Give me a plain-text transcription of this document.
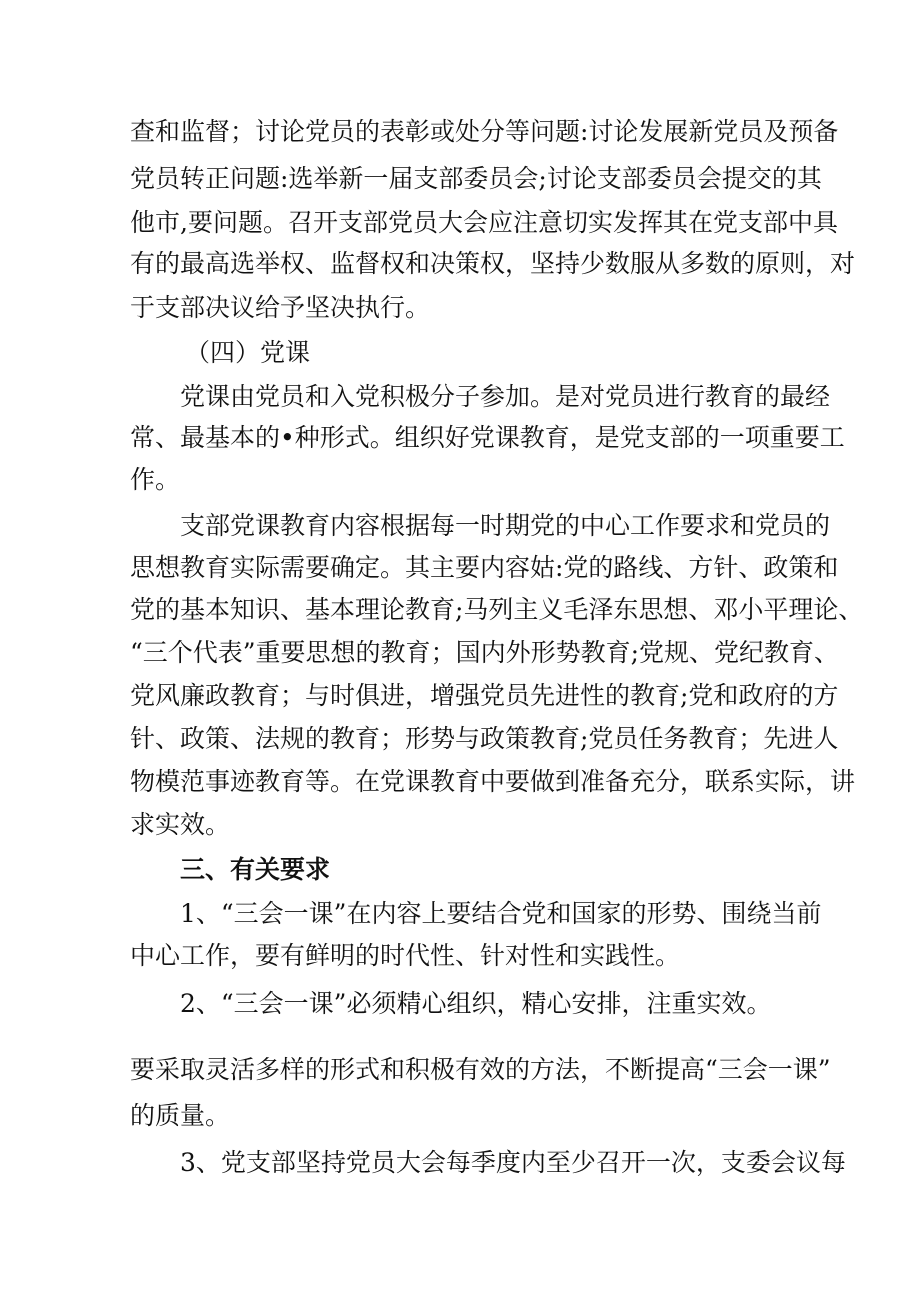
查和监督；讨论党员的表彰或处分等问题:讨论发展新党员及预备
党员转正问题:选举新一届支部委员会;讨论支部委员会提交的其
他市,要问题。召开支部党员大会应注意切实发挥其在党支部中具
有的最高选举权、监督权和决策权，坚持少数服从多数的原则，对
于支部决议给予坚决执行。
（四）党课
党课由党员和入党积极分子参加。是对党员进行教育的最经
常、最基本的•种形式。组织好党课教育，是党支部的一项重要工
作。
支部党课教育内容根据每一时期党的中心工作要求和党员的
思想教育实际需要确定。其主要内容姑:党的路线、方针、政策和
党的基本知识、基本理论教育;马列主义毛泽东思想、邓小平理论、
“三个代表”重要思想的教育；国内外形势教育;党规、党纪教育、
党风廉政教育；与时俱进，增强党员先进性的教育;党和政府的方
针、政策、法规的教育；形势与政策教育;党员任务教育；先进人
物模范事迹教育等。在党课教育中要做到准备充分，联系实际，讲
求实效。
三、有关要求
1、“三会一课”在内容上要结合党和国家的形势、围绕当前
中心工作，要有鲜明的时代性、针对性和实践性。
2、“三会一课”必须精心组织，精心安排，注重实效。
要采取灵活多样的形式和积极有效的方法，不断提高“三会一课”
的质量。
3、党支部坚持党员大会每季度内至少召开一次，支委会议每
